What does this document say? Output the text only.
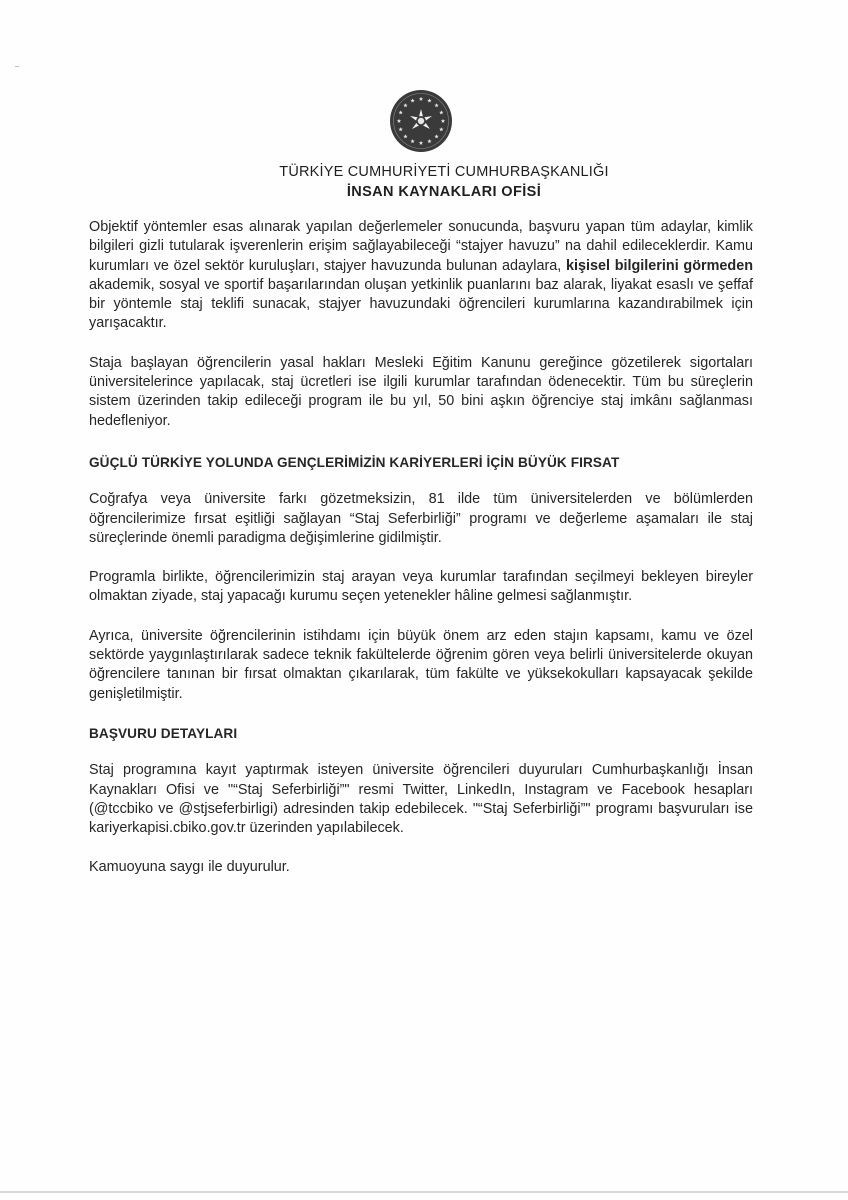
TÜRKİYE CUMHURİYETİ CUMHURBAŞKANLIĞI
İNSAN KAYNAKLARI OFİSİ

Objektif yöntemler esas alınarak yapılan değerlemeler sonucunda, başvuru yapan tüm adaylar, kimlik bilgileri gizli tutularak işverenlerin erişim sağlayabileceği “stajyer havuzu” na dahil edileceklerdir. Kamu kurumları ve özel sektör kuruluşları, stajyer havuzunda bulunan adaylara, kişisel bilgilerini görmeden akademik, sosyal ve sportif başarılarından oluşan yetkinlik puanlarını baz alarak, liyakat esaslı ve şeffaf bir yöntemle staj teklifi sunacak, stajyer havuzundaki öğrencileri kurumlarına kazandırabilmek için yarışacaktır.

Staja başlayan öğrencilerin yasal hakları Mesleki Eğitim Kanunu gereğince gözetilerek sigortaları üniversitelerince yapılacak, staj ücretleri ise ilgili kurumlar tarafından ödenecektir. Tüm bu süreçlerin sistem üzerinden takip edileceği program ile bu yıl, 50 bini aşkın öğrenciye staj imkânı sağlanması hedefleniyor.

GÜÇLÜ TÜRKİYE YOLUNDA GENÇLERİMİZİN KARİYERLERİ İÇİN BÜYÜK FIRSAT

Coğrafya veya üniversite farkı gözetmeksizin, 81 ilde tüm üniversitelerden ve bölümlerden öğrencilerimize fırsat eşitliği sağlayan “Staj Seferbirliği” programı ve değerleme aşamaları ile staj süreçlerinde önemli paradigma değişimlerine gidilmiştir.

Programla birlikte, öğrencilerimizin staj arayan veya kurumlar tarafından seçilmeyi bekleyen bireyler olmaktan ziyade, staj yapacağı kurumu seçen yetenekler hâline gelmesi sağlanmıştır.

Ayrıca, üniversite öğrencilerinin istihdamı için büyük önem arz eden stajın kapsamı, kamu ve özel sektörde yaygınlaştırılarak sadece teknik fakültelerde öğrenim gören veya belirli üniversitelerde okuyan öğrencilere tanınan bir fırsat olmaktan çıkarılarak, tüm fakülte ve yüksekokulları kapsayacak şekilde genişletilmiştir.

BAŞVURU DETAYLARI

Staj programına kayıt yaptırmak isteyen üniversite öğrencileri duyuruları Cumhurbaşkanlığı İnsan Kaynakları Ofisi ve "“Staj Seferbirliği”" resmi Twitter, LinkedIn, Instagram ve Facebook hesapları (@tccbiko ve @stjseferbirligi) adresinden takip edebilecek. "“Staj Seferbirliği”" programı başvuruları ise kariyerkapisi.cbiko.gov.tr üzerinden yapılabilecek.

Kamuoyuna saygı ile duyurulur.
